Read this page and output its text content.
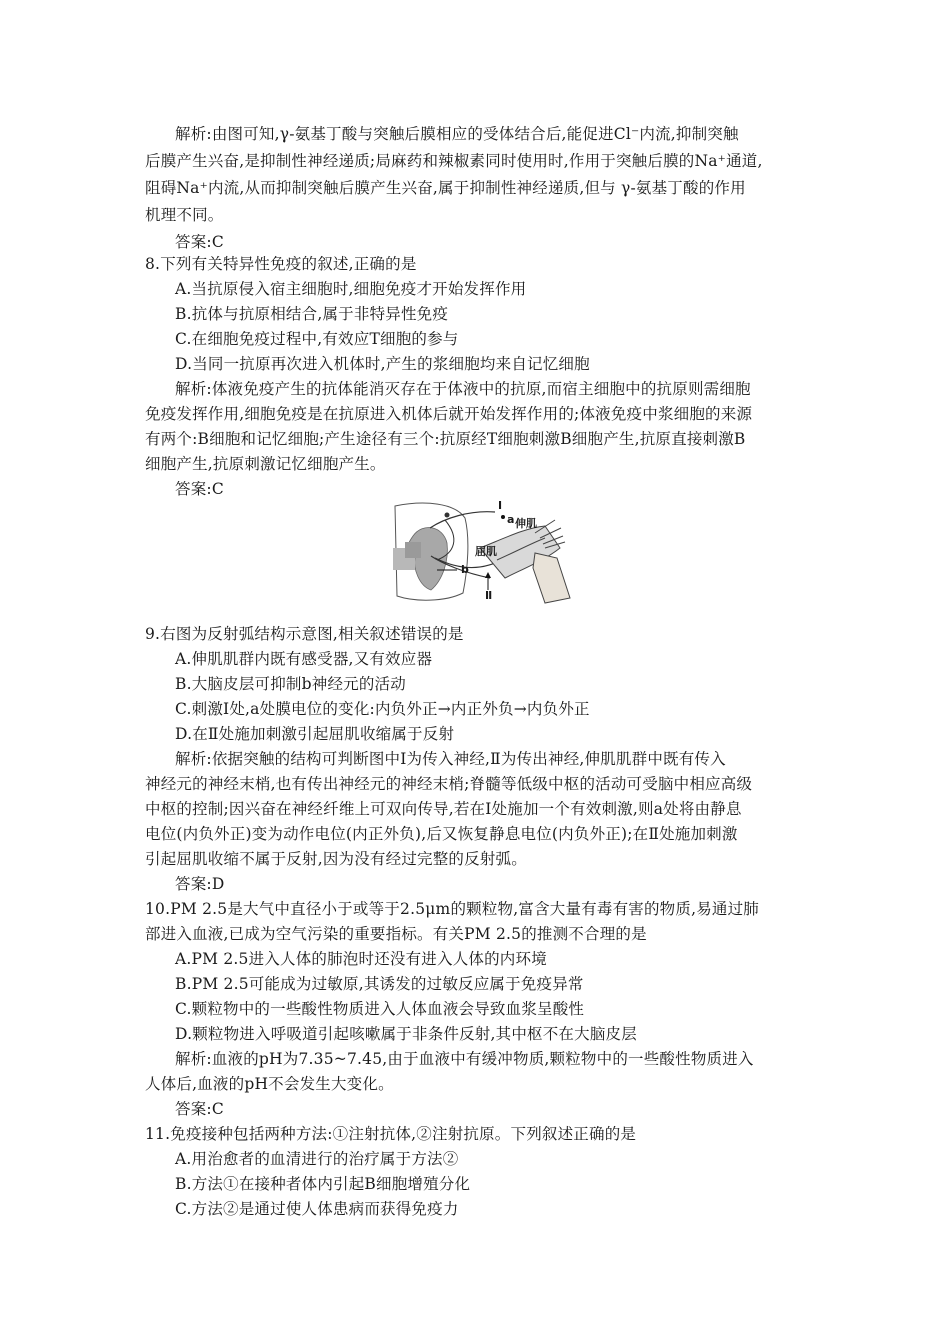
解析:由图可知,γ-氨基丁酸与突触后膜相应的受体结合后,能促进Cl⁻内流,抑制突触
后膜产生兴奋,是抑制性神经递质;局麻药和辣椒素同时使用时,作用于突触后膜的Na⁺通道,
阻碍Na⁺内流,从而抑制突触后膜产生兴奋,属于抑制性神经递质,但与 γ-氨基丁酸的作用
机理不同。
答案:C
8.下列有关特异性免疫的叙述,正确的是
A.当抗原侵入宿主细胞时,细胞免疫才开始发挥作用
B.抗体与抗原相结合,属于非特异性免疫
C.在细胞免疫过程中,有效应T细胞的参与
D.当同一抗原再次进入机体时,产生的浆细胞均来自记忆细胞
解析:体液免疫产生的抗体能消灭存在于体液中的抗原,而宿主细胞中的抗原则需细胞
免疫发挥作用,细胞免疫是在抗原进入机体后就开始发挥作用的;体液免疫中浆细胞的来源
有两个:B细胞和记忆细胞;产生途径有三个:抗原经T细胞刺激B细胞产生,抗原直接刺激B
细胞产生,抗原刺激记忆细胞产生。
答案:C
9.右图为反射弧结构示意图,相关叙述错误的是
A.伸肌肌群内既有感受器,又有效应器
B.大脑皮层可抑制b神经元的活动
C.刺激Ⅰ处,a处膜电位的变化:内负外正→内正外负→内负外正
D.在Ⅱ处施加刺激引起屈肌收缩属于反射
解析:依据突触的结构可判断图中Ⅰ为传入神经,Ⅱ为传出神经,伸肌肌群中既有传入
神经元的神经末梢,也有传出神经元的神经末梢;脊髓等低级中枢的活动可受脑中相应高级
中枢的控制;因兴奋在神经纤维上可双向传导,若在Ⅰ处施加一个有效刺激,则a处将由静息
电位(内负外正)变为动作电位(内正外负),后又恢复静息电位(内负外正);在Ⅱ处施加刺激
引起屈肌收缩不属于反射,因为没有经过完整的反射弧。
答案:D
10.PM 2.5是大气中直径小于或等于2.5μm的颗粒物,富含大量有毒有害的物质,易通过肺
部进入血液,已成为空气污染的重要指标。有关PM 2.5的推测不合理的是
A.PM 2.5进入人体的肺泡时还没有进入人体的内环境
B.PM 2.5可能成为过敏原,其诱发的过敏反应属于免疫异常
C.颗粒物中的一些酸性物质进入人体血液会导致血浆呈酸性
D.颗粒物进入呼吸道引起咳嗽属于非条件反射,其中枢不在大脑皮层
解析:血液的pH为7.35~7.45,由于血液中有缓冲物质,颗粒物中的一些酸性物质进入
人体后,血液的pH不会发生大变化。
答案:C
11.免疫接种包括两种方法:①注射抗体,②注射抗原。下列叙述正确的是
A.用治愈者的血清进行的治疗属于方法②
B.方法①在接种者体内引起B细胞增殖分化
C.方法②是通过使人体患病而获得免疫力
Ⅰ
a 伸肌
屈肌
b
Ⅱ
